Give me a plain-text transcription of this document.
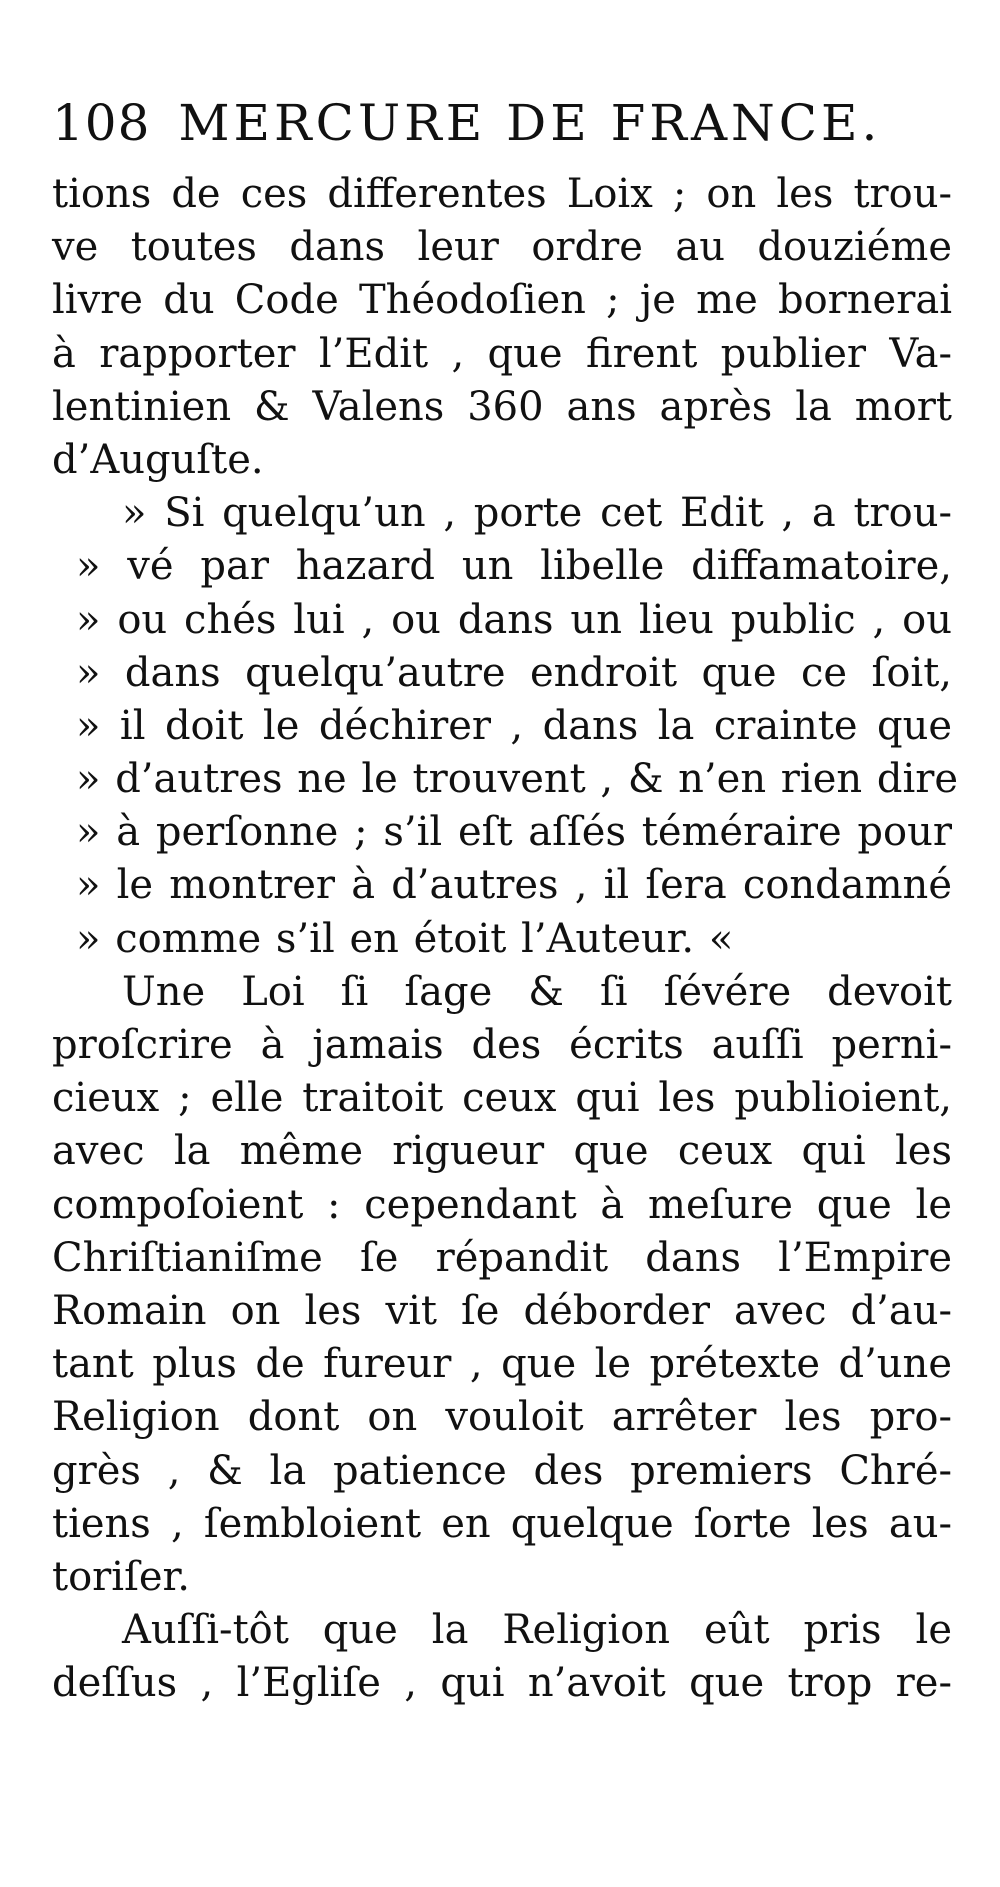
108 MERCURE DE FRANCE.
tions de ces differentes Loix ; on les trou-
ve toutes dans leur ordre au douziéme
livre du Code Théodoſien ; je me bornerai
à rapporter l’Edit , que firent publier Va-
lentinien & Valens 360 ans après la mort
d’Auguſte.
» Si quelqu’un , porte cet Edit , a trou-
» vé par hazard un libelle diffamatoire,
» ou chés lui , ou dans un lieu public , ou
» dans quelqu’autre endroit que ce ſoit,
» il doit le déchirer , dans la crainte que
» d’autres ne le trouvent , & n’en rien dire
» à perſonne ; s’il eſt aſſés téméraire pour
» le montrer à d’autres , il ſera condamné
» comme s’il en étoit l’Auteur. «
Une Loi ſi ſage & ſi ſévére devoit
proſcrire à jamais des écrits auſſi perni-
cieux ; elle traitoit ceux qui les publioient,
avec la même rigueur que ceux qui les
compoſoient : cependant à meſure que le
Chriſtianiſme ſe répandit dans l’Empire
Romain on les vit ſe déborder avec d’au-
tant plus de fureur , que le prétexte d’une
Religion dont on vouloit arrêter les pro-
grès , & la patience des premiers Chré-
tiens , ſembloient en quelque ſorte les au-
toriſer.
Auſſi-tôt que la Religion eût pris le
deſſus , l’Egliſe , qui n’avoit que trop re-
